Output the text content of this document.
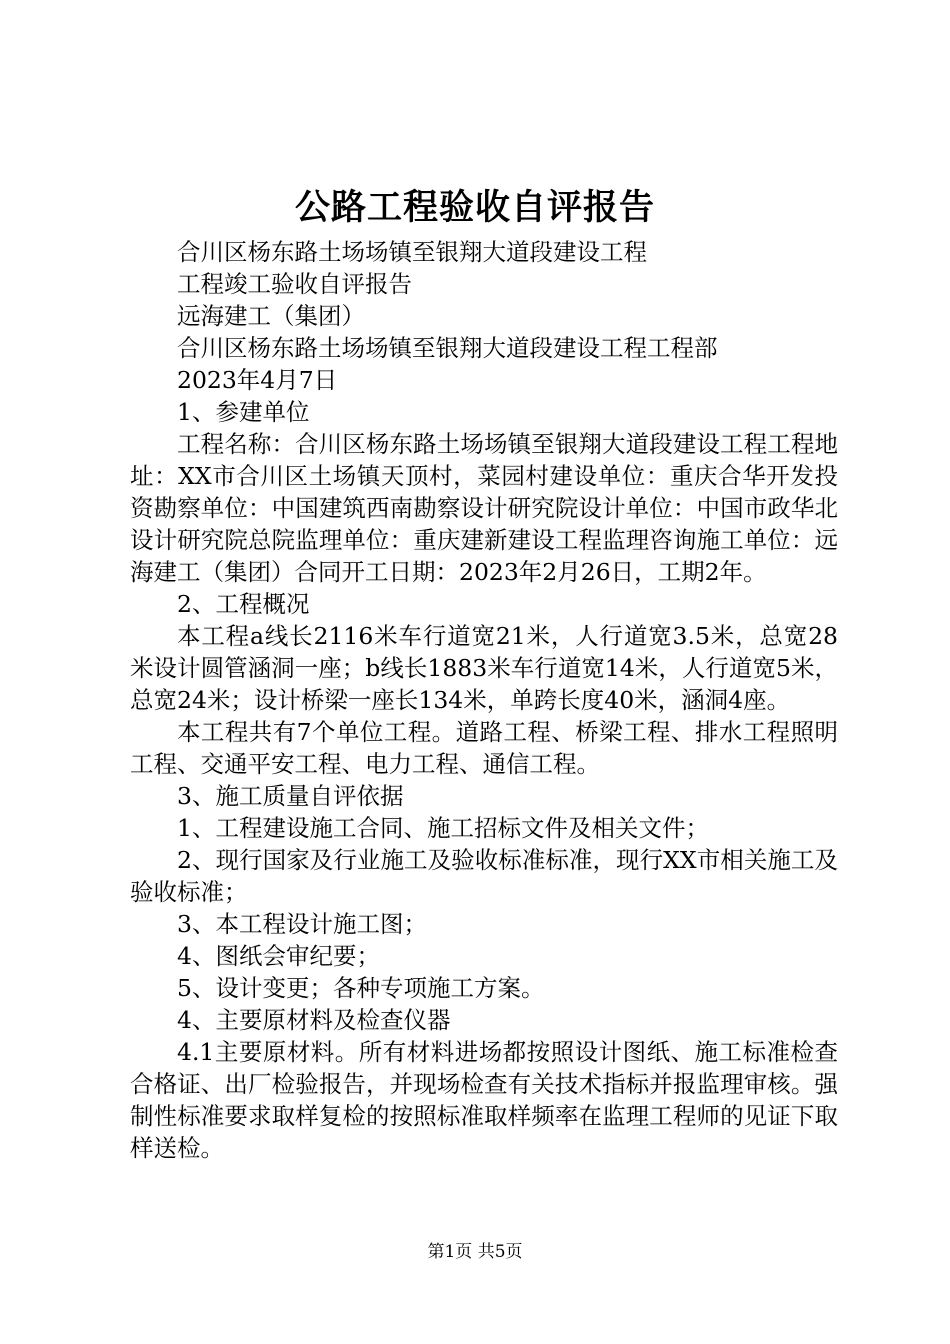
公路工程验收自评报告

合川区杨东路土场场镇至银翔大道段建设工程

工程竣工验收自评报告

远海建工（集团）

合川区杨东路土场场镇至银翔大道段建设工程工程部

2023年4月7日

1、参建单位

工程名称：合川区杨东路土场场镇至银翔大道段建设工程工程地址：XX市合川区土场镇天顶村，菜园村建设单位：重庆合华开发投资勘察单位：中国建筑西南勘察设计研究院设计单位：中国市政华北设计研究院总院监理单位：重庆建新建设工程监理咨询施工单位：远海建工（集团）合同开工日期：2023年2月26日，工期2年。

2、工程概况

本工程a线长2116米车行道宽21米，人行道宽3.5米，总宽28米设计圆管涵洞一座；b线长1883米车行道宽14米，人行道宽5米，总宽24米；设计桥梁一座长134米，单跨长度40米，涵洞4座。

本工程共有7个单位工程。道路工程、桥梁工程、排水工程照明工程、交通平安工程、电力工程、通信工程。

3、施工质量自评依据

1、工程建设施工合同、施工招标文件及相关文件；

2、现行国家及行业施工及验收标准标准，现行XX市相关施工及验收标准；

3、本工程设计施工图；

4、图纸会审纪要；

5、设计变更；各种专项施工方案。

4、主要原材料及检查仪器

4.1主要原材料。所有材料进场都按照设计图纸、施工标准检查合格证、出厂检验报告，并现场检查有关技术指标并报监理审核。强制性标准要求取样复检的按照标准取样频率在监理工程师的见证下取样送检。

第1页 共5页
